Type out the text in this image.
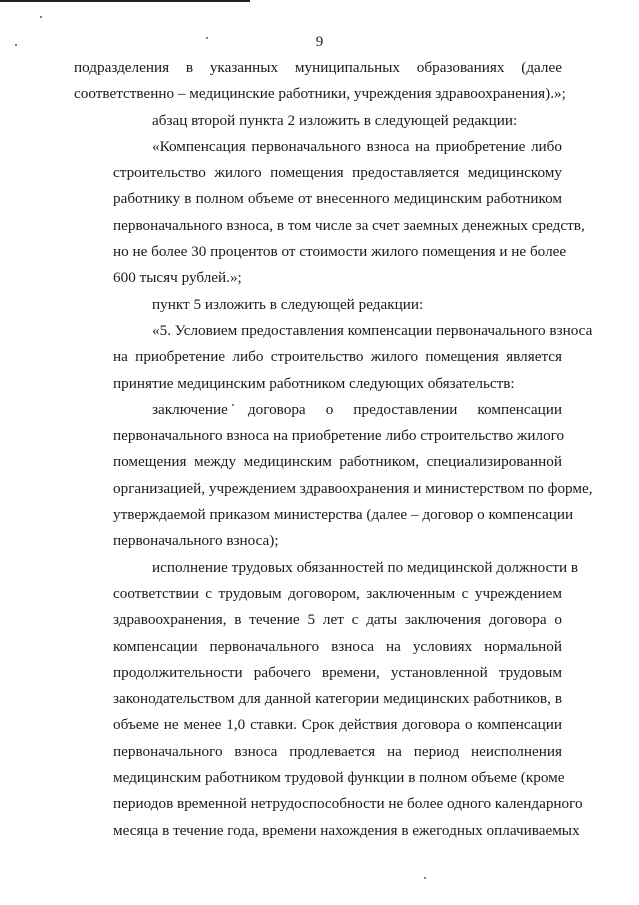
9
подразделения в указанных муниципальных образованиях (далее
соответственно – медицинские работники, учреждения здравоохранения).»;
абзац второй пункта 2 изложить в следующей редакции:
«Компенсация первоначального взноса на приобретение либо
строительство жилого помещения предоставляется медицинскому
работнику в полном объеме от внесенного медицинским работником
первоначального взноса, в том числе за счет заемных денежных средств,
но не более 30 процентов от стоимости жилого помещения и не более
600 тысяч рублей.»;
пункт 5 изложить в следующей редакции:
«5. Условием предоставления компенсации первоначального взноса
на приобретение либо строительство жилого помещения является
принятие медицинским работником следующих обязательств:
заключение договора о предоставлении компенсации
первоначального взноса на приобретение либо строительство жилого
помещения между медицинским работником, специализированной
организацией, учреждением здравоохранения и министерством по форме,
утверждаемой приказом министерства (далее – договор о компенсации
первоначального взноса);
исполнение трудовых обязанностей по медицинской должности в
соответствии с трудовым договором, заключенным с учреждением
здравоохранения, в течение 5 лет с даты заключения договора о
компенсации первоначального взноса на условиях нормальной
продолжительности рабочего времени, установленной трудовым
законодательством для данной категории медицинских работников, в
объеме не менее 1,0 ставки. Срок действия договора о компенсации
первоначального взноса продлевается на период неисполнения
медицинским работником трудовой функции в полном объеме (кроме
периодов временной нетрудоспособности не более одного календарного
месяца в течение года, времени нахождения в ежегодных оплачиваемых
